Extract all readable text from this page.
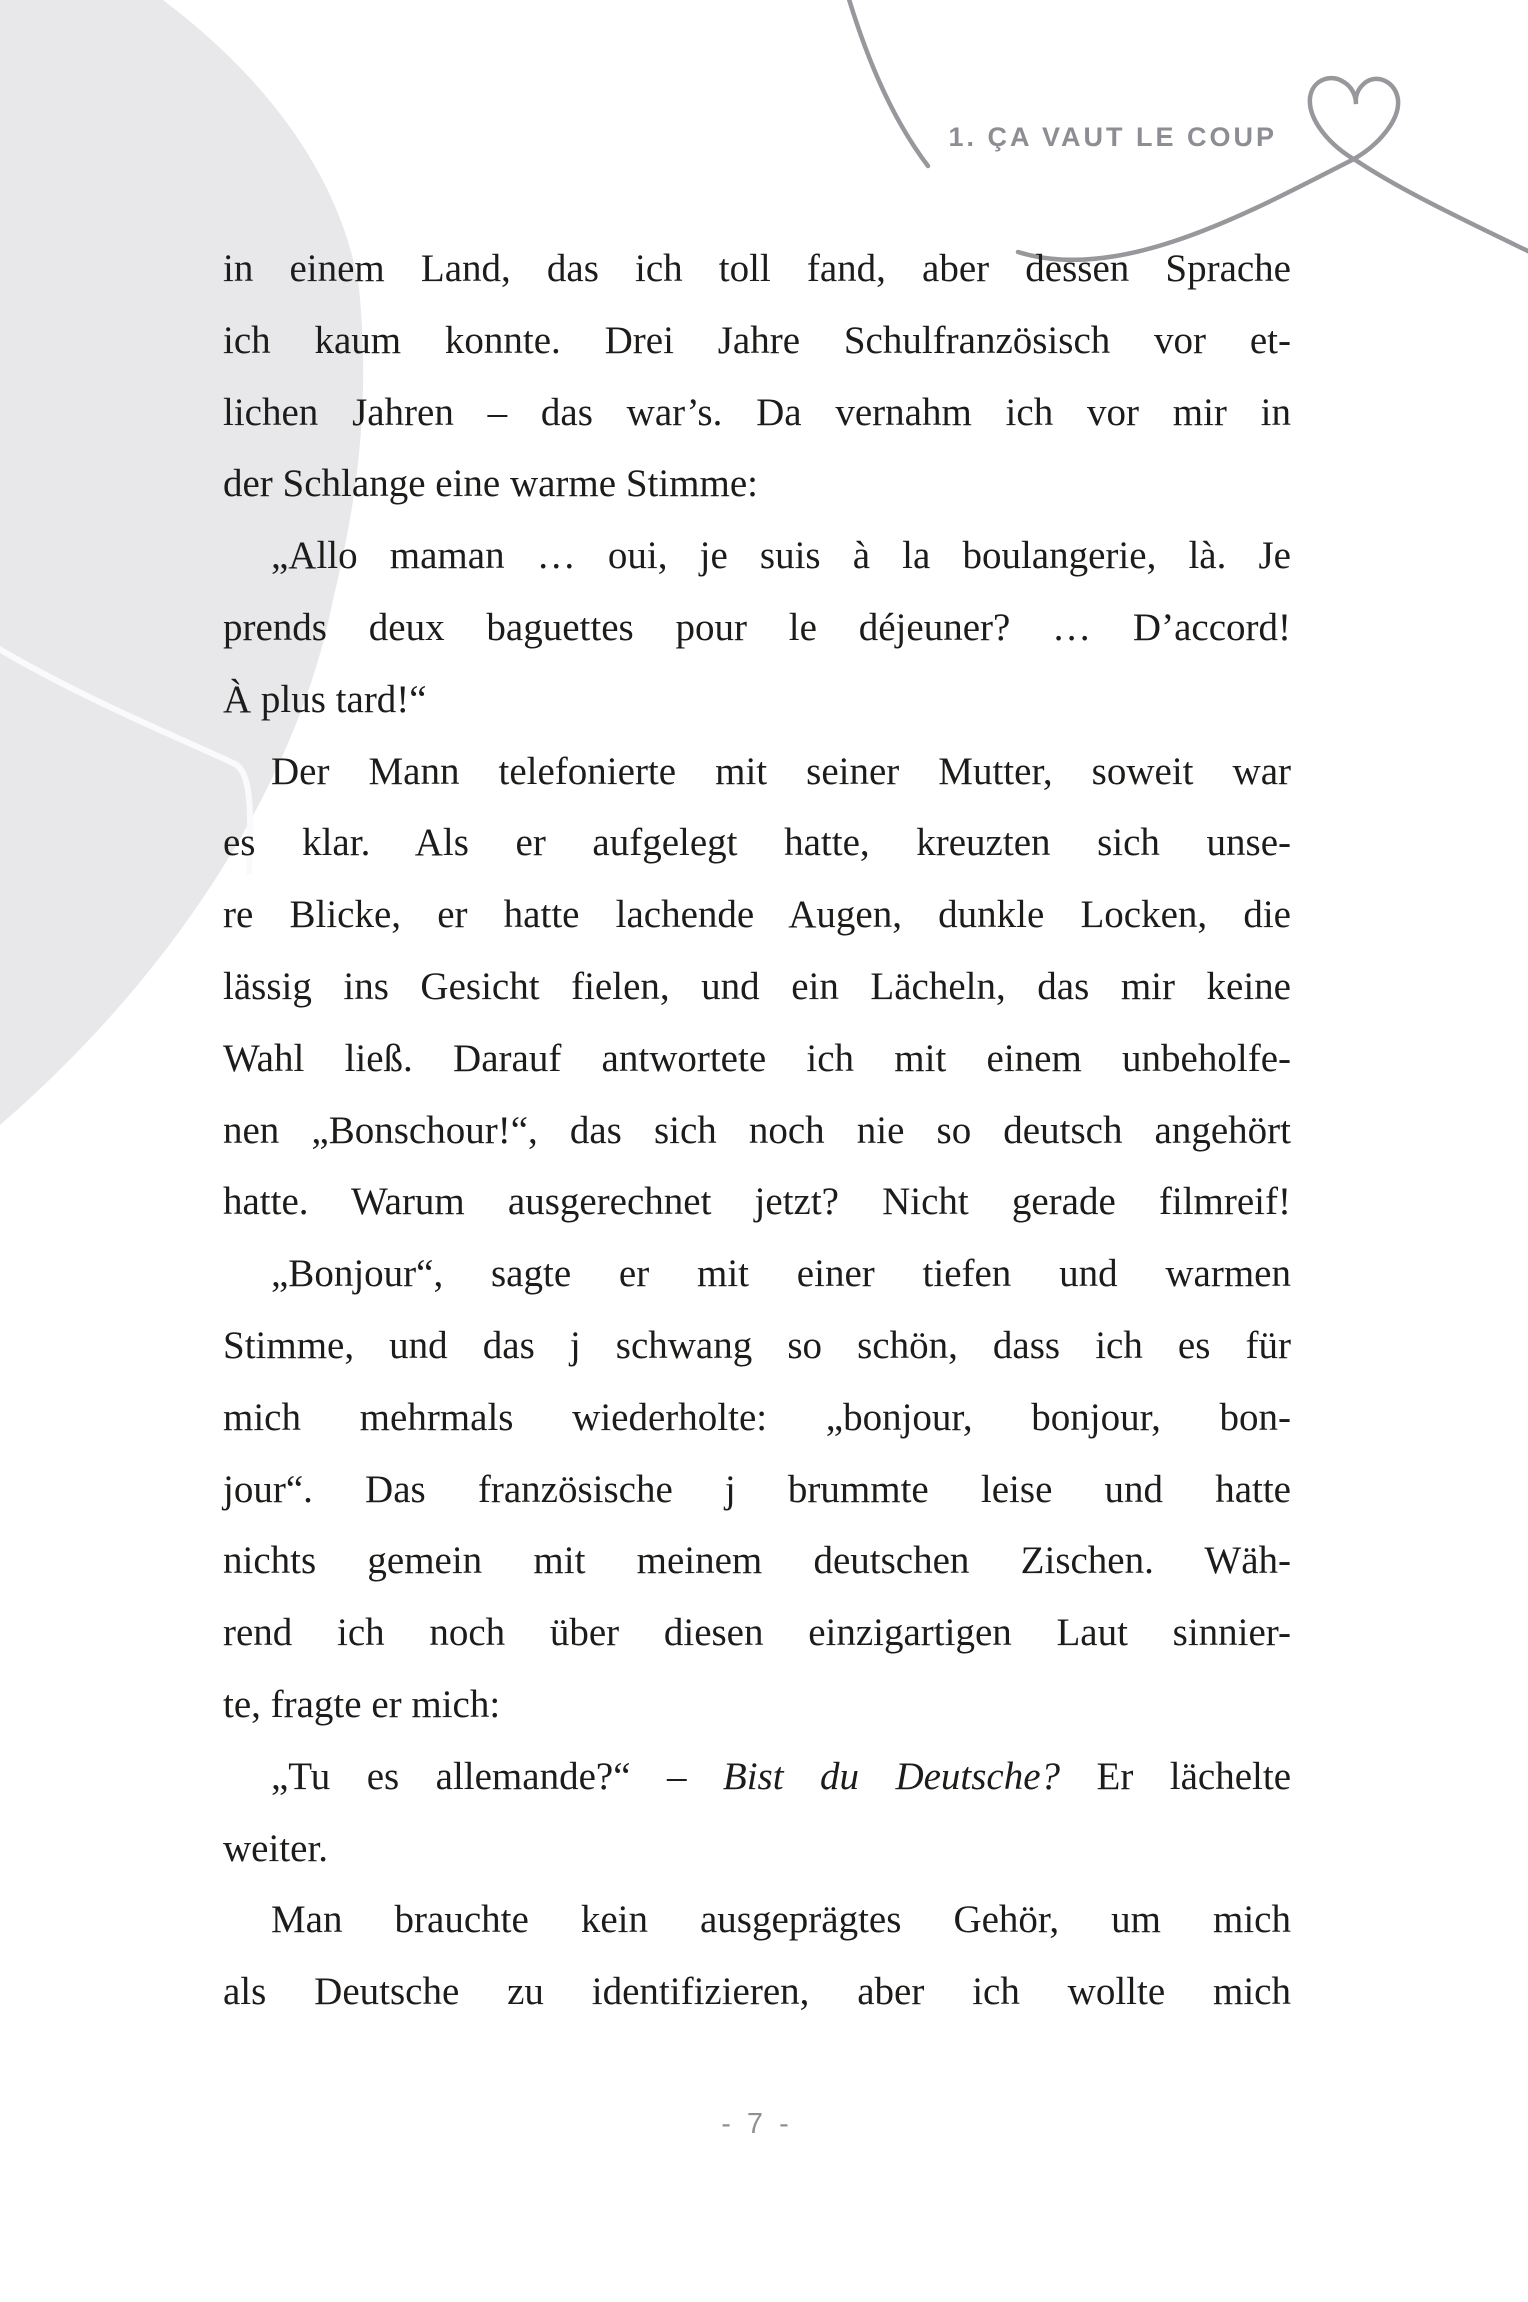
1. ÇA VAUT LE COUP
in einem Land, das ich toll fand, aber dessen Sprache
ich kaum konnte. Drei Jahre Schulfranzösisch vor et-
lichen Jahren – das war’s. Da vernahm ich vor mir in
der Schlange eine warme Stimme:
„Allo maman … oui, je suis à la boulangerie, là. Je
prends deux baguettes pour le déjeuner? … D’accord!
À plus tard!“
Der Mann telefonierte mit seiner Mutter, soweit war
es klar. Als er aufgelegt hatte, kreuzten sich unse-
re Blicke, er hatte lachende Augen, dunkle Locken, die
lässig ins Gesicht fielen, und ein Lächeln, das mir keine
Wahl ließ. Darauf antwortete ich mit einem unbeholfe-
nen „Bonschour!“, das sich noch nie so deutsch angehört
hatte. Warum ausgerechnet jetzt? Nicht gerade filmreif!
„Bonjour“, sagte er mit einer tiefen und warmen
Stimme, und das j schwang so schön, dass ich es für
mich mehrmals wiederholte: „bonjour, bonjour, bon-
jour“. Das französische j brummte leise und hatte
nichts gemein mit meinem deutschen Zischen. Wäh-
rend ich noch über diesen einzigartigen Laut sinnier-
te, fragte er mich:
„Tu es allemande?“ – Bist du Deutsche? Er lächelte
weiter.
Man brauchte kein ausgeprägtes Gehör, um mich
als Deutsche zu identifizieren, aber ich wollte mich
- 7 -
